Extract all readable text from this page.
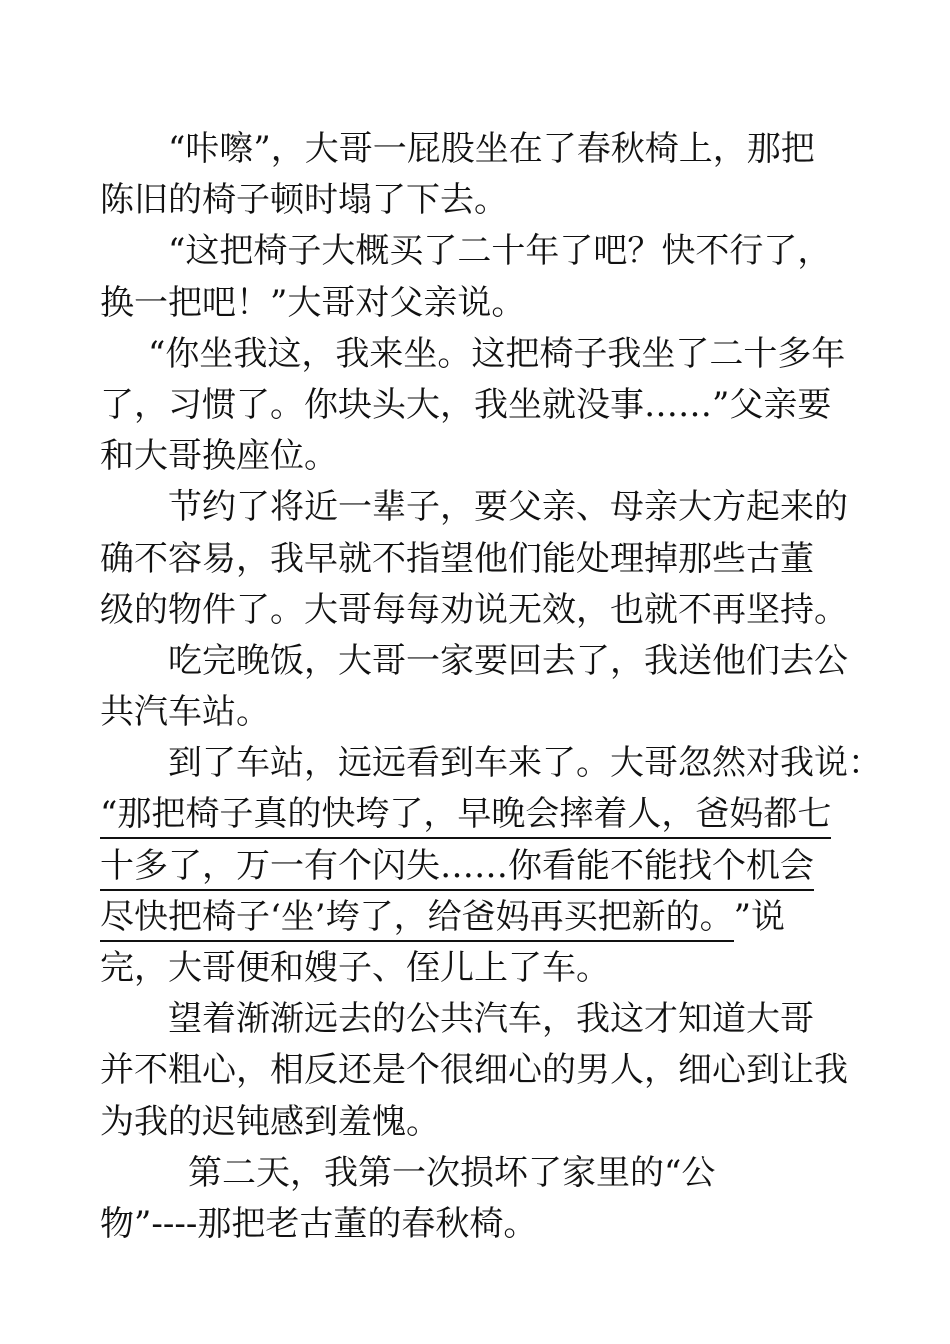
“咔嚓”，大哥一屁股坐在了春秋椅上，那把
陈旧的椅子顿时塌了下去。
“这把椅子大概买了二十年了吧？快不行了，
换一把吧！”大哥对父亲说。
“你坐我这，我来坐。这把椅子我坐了二十多年
了，习惯了。你块头大，我坐就没事……”父亲要
和大哥换座位。
节约了将近一辈子，要父亲、母亲大方起来的
确不容易，我早就不指望他们能处理掉那些古董
级的物件了。大哥每每劝说无效，也就不再坚持。
吃完晚饭，大哥一家要回去了，我送他们去公
共汽车站。
到了车站，远远看到车来了。大哥忽然对我说：
“那把椅子真的快垮了，早晚会摔着人，爸妈都七
十多了，万一有个闪失……你看能不能找个机会
尽快把椅子‘坐’垮了，给爸妈再买把新的。”说
完，大哥便和嫂子、侄儿上了车。
望着渐渐远去的公共汽车，我这才知道大哥
并不粗心，相反还是个很细心的男人，细心到让我
为我的迟钝感到羞愧。
第二天，我第一次损坏了家里的“公
物”----那把老古董的春秋椅。
